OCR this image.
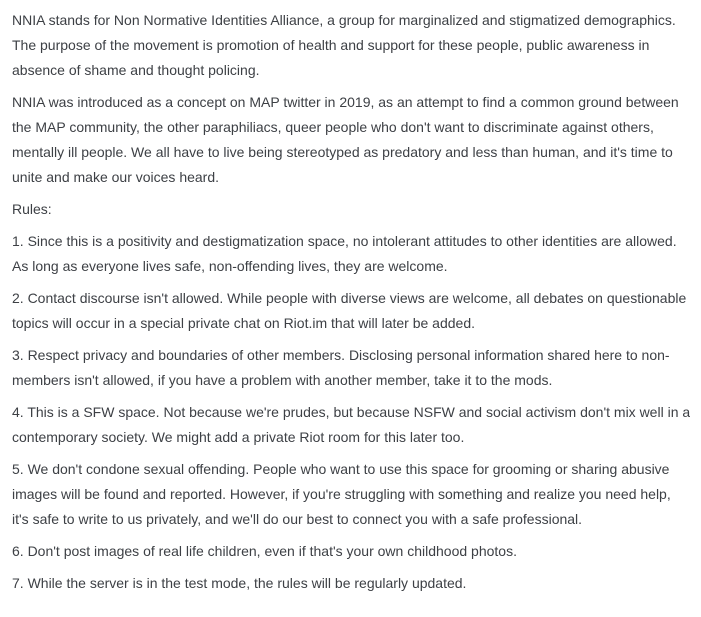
NNIA stands for Non Normative Identities Alliance, a group for marginalized and stigmatized demographics.
The purpose of the movement is promotion of health and support for these people, public awareness in
absence of shame and thought policing.
NNIA was introduced as a concept on MAP twitter in 2019, as an attempt to find a common ground between
the MAP community, the other paraphiliacs, queer people who don't want to discriminate against others,
mentally ill people. We all have to live being stereotyped as predatory and less than human, and it's time to
unite and make our voices heard.
Rules:
1. Since this is a positivity and destigmatization space, no intolerant attitudes to other identities are allowed.
As long as everyone lives safe, non-offending lives, they are welcome.
2. Contact discourse isn't allowed. While people with diverse views are welcome, all debates on questionable
topics will occur in a special private chat on Riot.im that will later be added.
3. Respect privacy and boundaries of other members. Disclosing personal information shared here to non-
members isn't allowed, if you have a problem with another member, take it to the mods.
4. This is a SFW space. Not because we're prudes, but because NSFW and social activism don't mix well in a
contemporary society. We might add a private Riot room for this later too.
5. We don't condone sexual offending. People who want to use this space for grooming or sharing abusive
images will be found and reported. However, if you're struggling with something and realize you need help,
it's safe to write to us privately, and we'll do our best to connect you with a safe professional.
6. Don't post images of real life children, even if that's your own childhood photos.
7. While the server is in the test mode, the rules will be regularly updated.
